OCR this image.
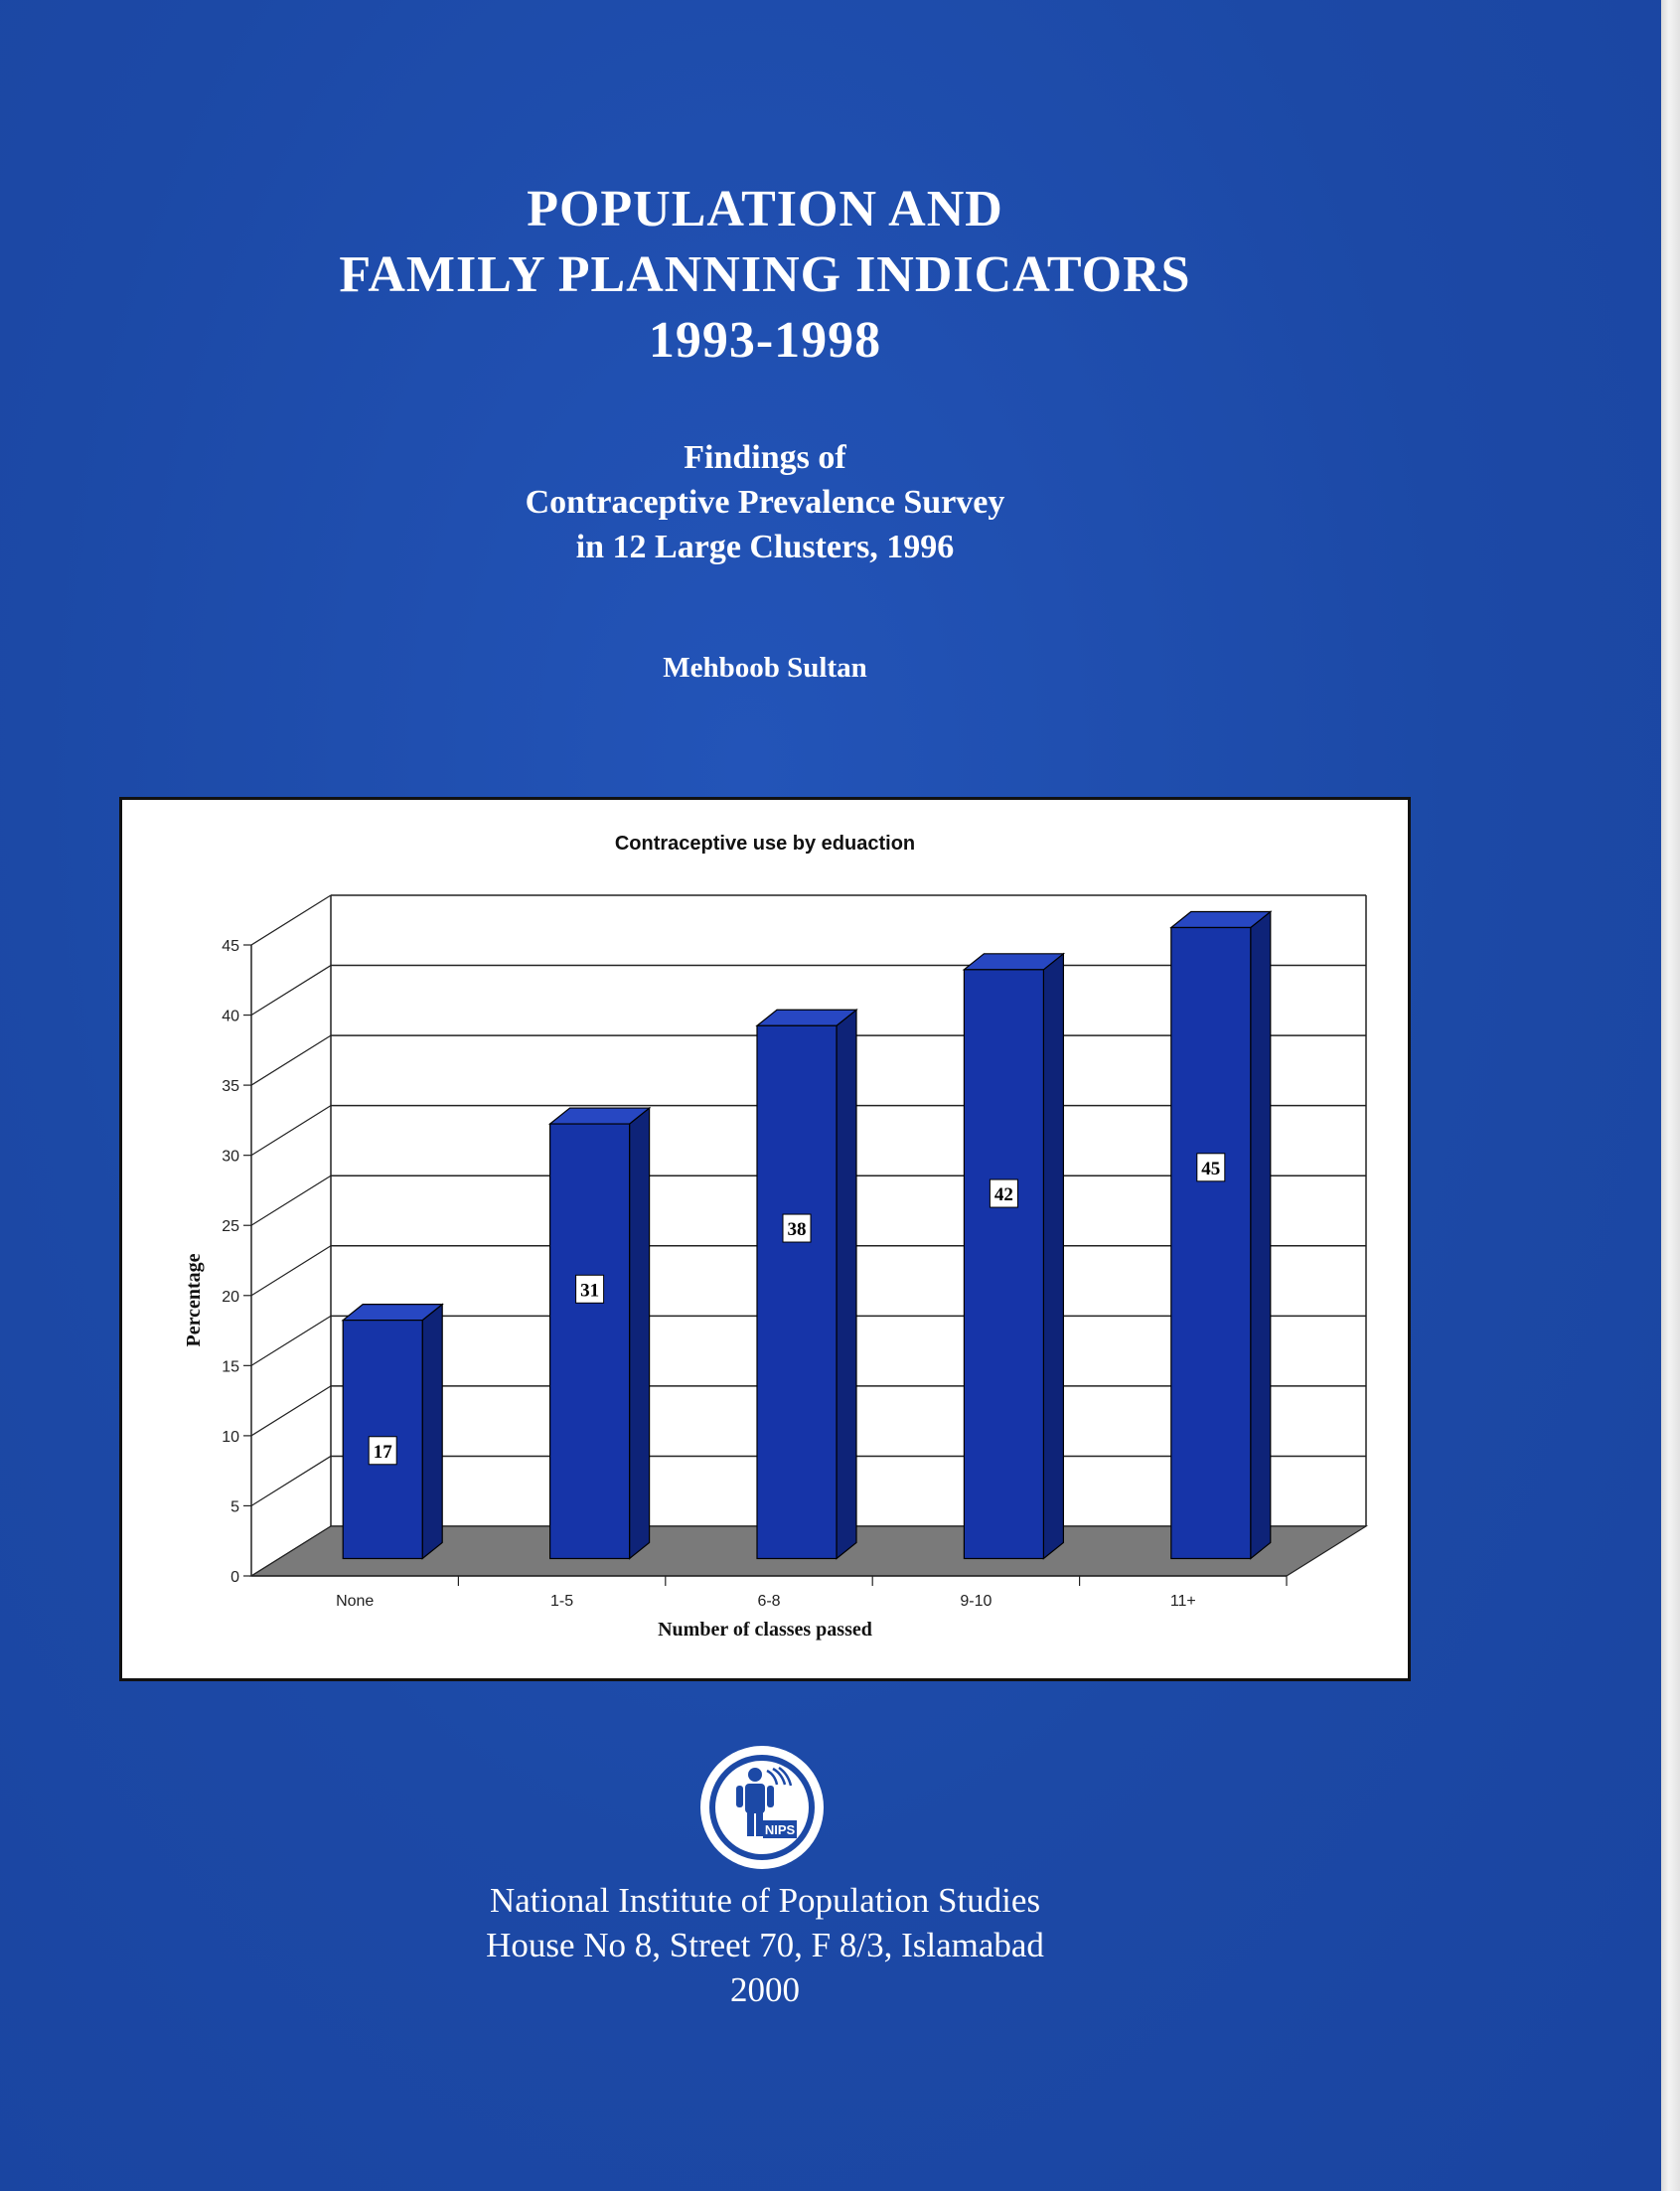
POPULATION AND

FAMILY PLANNING INDICATORS

1993-1998

Findings of

Contraceptive Prevalence Survey

in 12 Large Clusters, 1996

Mehboob Sultan
Contraceptive use by eduaction
0
5
10
15
20
25
30
35
40
45
17
None
31
1-5
38
6-8
42
9-10
45
11+
Number of classes passed
Percentage
NIPS

National Institute of Population Studies

House No 8, Street 70, F 8/3, Islamabad

2000
